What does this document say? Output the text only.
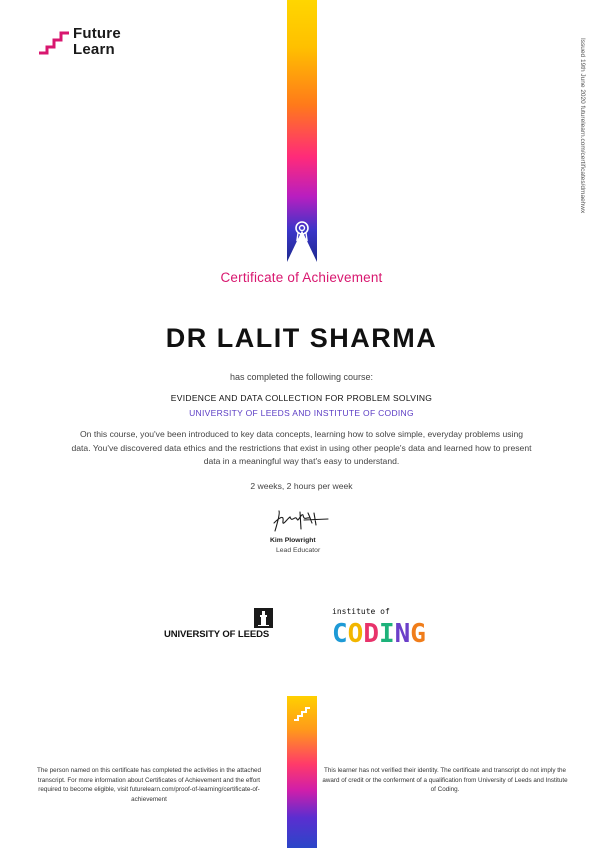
Future
Learn	Issued 19th June 2020 futurelearn.com/certificates/dmaehwx
Certificate of Achievement
DR LALIT SHARMA
has completed the following course:
EVIDENCE AND DATA COLLECTION FOR PROBLEM SOLVING
UNIVERSITY OF LEEDS AND INSTITUTE OF CODING
On this course, you've been introduced to key data concepts, learning how to solve simple, everyday problems using data. You've discovered data ethics and the restrictions that exist in using other people's data and learned how to present data in a meaningful way that's easy to understand.
2 weeks, 2 hours per week
Kim Plowright
Lead Educator
UNIVERSITY OF LEEDS
institute of
CODING
The person named on this certificate has completed the activities in the attached transcript. For more information about Certificates of Achievement and the effort required to become eligible, visit futurelearn.com/proof-of-learning/certificate-of-achievement
This learner has not verified their identity. The certificate and transcript do not imply the award of credit or the conferment of a qualification from University of Leeds and Institute of Coding.
